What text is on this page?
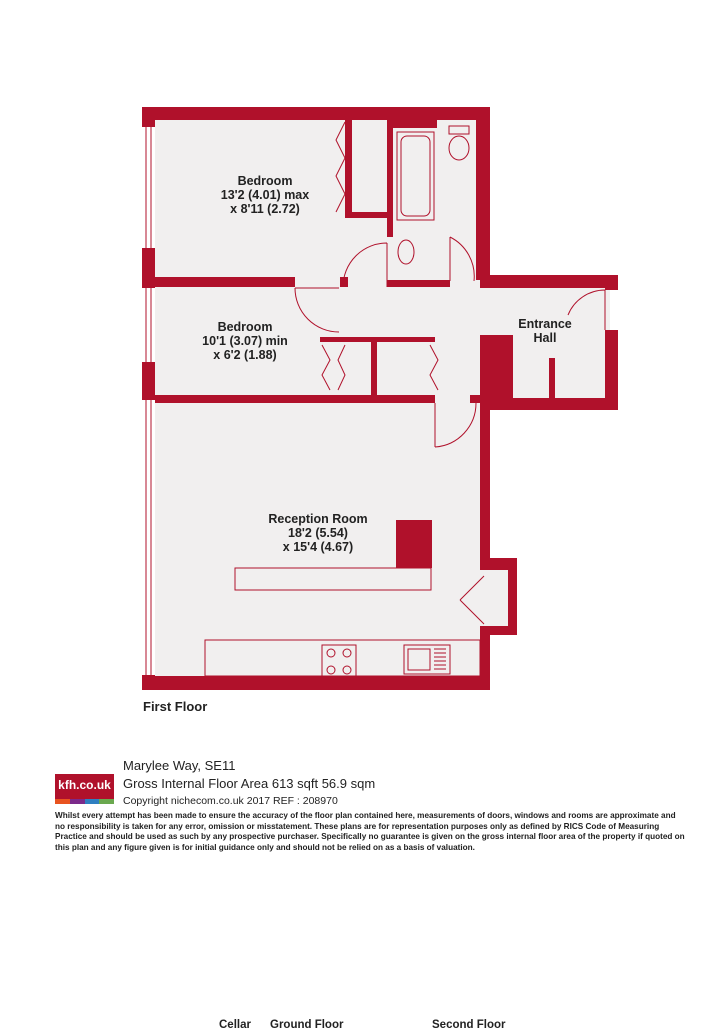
Bedroom
13'2 (4.01) max
x 8'11 (2.72)
Bedroom
10'1 (3.07) min
x 6'2 (1.88)
Entrance
Hall
Reception Room
18'2 (5.54)
x 15'4 (4.67)
First Floor
kfh.co.uk
Marylee Way, SE11
Gross Internal Floor Area 613 sqft 56.9 sqm
Copyright nichecom.co.uk 2017 REF : 208970
Whilst every attempt has been made to ensure the accuracy of the floor plan contained here, measurements of doors, windows and rooms are approximate and no responsibility is taken for any error, omission or misstatement. These plans are for representation purposes only as defined by RICS Code of Measuring Practice and should be used as such by any prospective purchaser. Specifically no guarantee is given on the gross internal floor area of the property if quoted on this plan and any figure given is for initial guidance only and should not be relied on as a basis of valuation.
Cellar Ground Floor	Second Floor
